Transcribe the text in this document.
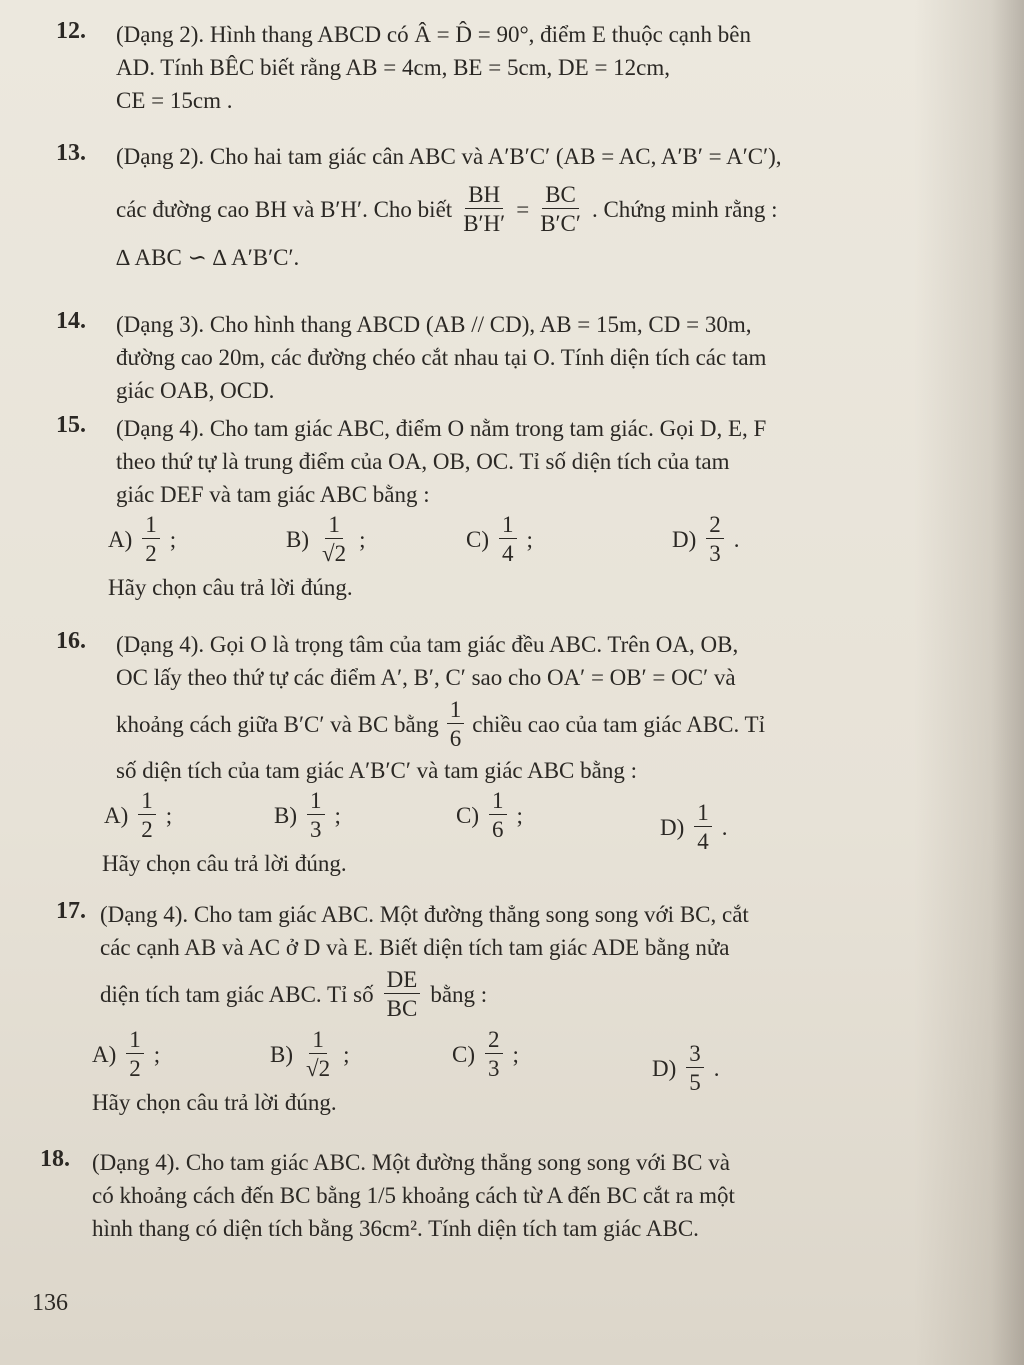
12. (Dạng 2). Hình thang ABCD có Â = D̂ = 90°, điểm E thuộc cạnh bên

AD. Tính BÊC biết rằng AB = 4cm, BE = 5cm, DE = 12cm,

CE = 15cm .

13. (Dạng 2). Cho hai tam giác cân ABC và A′B′C′ (AB = AC, A′B′ = A′C′),

các đường cao BH và B′H′. Cho biết $\frac{BH}{B'H'} = \frac{BC}{B'C'}$ . Chứng minh rằng :

∆ ABC ∽ ∆ A′B′C′.

14. (Dạng 3). Cho hình thang ABCD (AB // CD), AB = 15m, CD = 30m,

đường cao 20m, các đường chéo cắt nhau tại O. Tính diện tích các tam

giác OAB, OCD.

15. (Dạng 4). Cho tam giác ABC, điểm O nằm trong tam giác. Gọi D, E, F

theo thứ tự là trung điểm của OA, OB, OC. Tỉ số diện tích của tam

giác DEF và tam giác ABC bằng :

$A) \frac{1}{2}$ ;	$B) \frac{1}{√2}$ ;	$C) \frac{1}{4}$ ;	$D) \frac{2}{3}$ .

Hãy chọn câu trả lời đúng.

16. (Dạng 4). Gọi O là trọng tâm của tam giác đều ABC. Trên OA, OB,

OC lấy theo thứ tự các điểm A′, B′, C′ sao cho OA′ = OB′ = OC′ và

khoảng cách giữa B′C′ và BC bằng $\frac{1}{6}$ chiều cao của tam giác ABC. Tỉ

số diện tích của tam giác A′B′C′ và tam giác ABC bằng :

$A) \frac{1}{2}$ ;	$B) \frac{1}{3}$ ;	$C) \frac{1}{6}$ ;	$D) \frac{1}{4}$ .

Hãy chọn câu trả lời đúng.

17. (Dạng 4). Cho tam giác ABC. Một đường thẳng song song với BC, cắt

các cạnh AB và AC ở D và E. Biết diện tích tam giác ADE bằng nửa

diện tích tam giác ABC. Tỉ số $\frac{DE}{BC}$ bằng :

$A) \frac{1}{2}$ ;	$B) \frac{1}{√2}$ ;	$C) \frac{2}{3}$ ;
$D) \frac{3}{5}$ .

Hãy chọn câu trả lời đúng.

18. (Dạng 4). Cho tam giác ABC. Một đường thẳng song song với BC và

có khoảng cách đến BC bằng 1/5 khoảng cách từ A đến BC cắt ra một

hình thang có diện tích bằng 36cm². Tính diện tích tam giác ABC.

136
